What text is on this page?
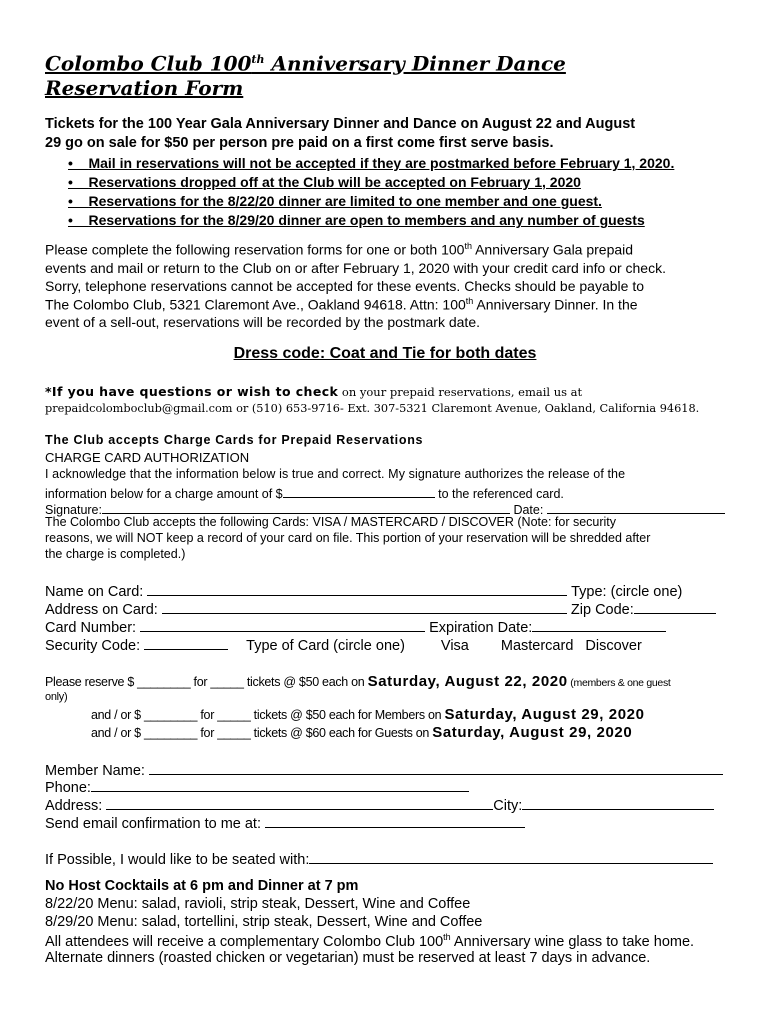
Colombo Club 100th Anniversary Dinner Dance
Reservation Form
Tickets for the 100 Year Gala Anniversary Dinner and Dance on August 22 and August
29 go on sale for $50 per person pre paid on a first come first serve basis.
•    Mail in reservations will not be accepted if they are postmarked before February 1, 2020.
•    Reservations dropped off at the Club will be accepted on February 1, 2020
•    Reservations for the 8/22/20 dinner are limited to one member and one guest.
•    Reservations for the 8/29/20 dinner are open to members and any number of guests
Please complete the following reservation forms for one or both 100th Anniversary Gala prepaid
events and mail or return to the Club on or after February 1, 2020 with your credit card info or check.
Sorry, telephone reservations cannot be accepted for these events. Checks should be payable to
The Colombo Club, 5321 Claremont Ave., Oakland 94618. Attn: 100th Anniversary Dinner. In the
event of a sell-out, reservations will be recorded by the postmark date.
Dress code: Coat and Tie for both dates
*If you have questions or wish to check on your prepaid reservations, email us at
prepaidcolomboclub@gmail.com or (510) 653-9716- Ext. 307-5321 Claremont Avenue, Oakland, California 94618.
The Club accepts Charge Cards for Prepaid Reservations
CHARGE CARD AUTHORIZATION
I acknowledge that the information below is true and correct. My signature authorizes the release of the
information below for a charge amount of $	to the referenced card.
Signature:	Date:
The Colombo Club accepts the following Cards: VISA / MASTERCARD / DISCOVER (Note: for security
reasons, we will NOT keep a record of your card on file. This portion of your reservation will be shredded after
the charge is completed.)
Name on Card:	Type: (circle one)
Address on Card:	Zip Code:
Card Number:	Expiration Date:
Security Code:	Type of Card (circle one) Visa Mastercard Discover
Please reserve $ ________ for _____ tickets @ $50 each on Saturday, August 22, 2020 (members & one guest
only)
and / or $ ________ for _____ tickets @ $50 each for Members on Saturday, August 29, 2020
and / or $ ________ for _____ tickets @ $60 each for Guests on Saturday, August 29, 2020
Member Name:
Phone:
Address:	City:
Send email confirmation to me at:
If Possible, I would like to be seated with:
No Host Cocktails at 6 pm and Dinner at 7 pm
8/22/20 Menu: salad, ravioli, strip steak, Dessert, Wine and Coffee
8/29/20 Menu: salad, tortellini, strip steak, Dessert, Wine and Coffee
All attendees will receive a complementary Colombo Club 100th Anniversary wine glass to take home.
Alternate dinners (roasted chicken or vegetarian) must be reserved at least 7 days in advance.
